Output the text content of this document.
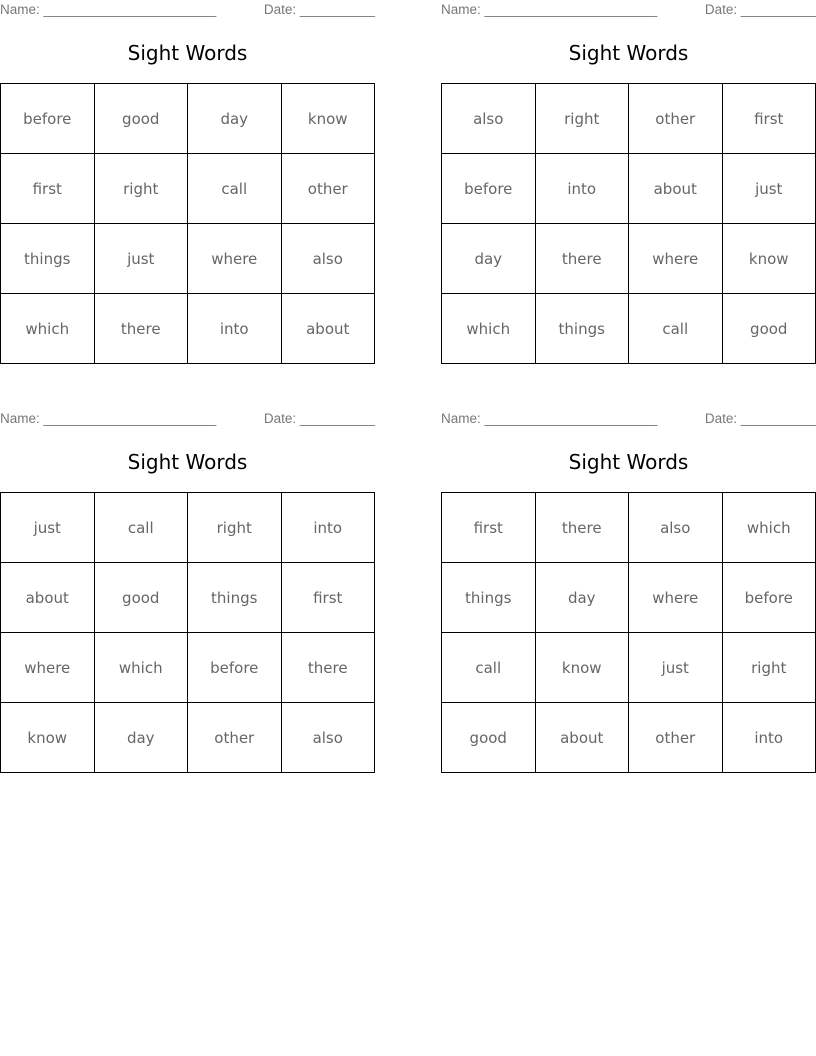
Name: _______________________	Date: __________
Sight Words
before	good	day	know
first	right	call	other
things	just	where	also
which	there	into	about
Name: _______________________	Date: __________
Sight Words
also	right	other	first
before	into	about	just
day	there	where	know
which	things	call	good
Name: _______________________	Date: __________
Sight Words
just	call	right	into
about	good	things	first
where	which	before	there
know	day	other	also
Name: _______________________	Date: __________
Sight Words
first	there	also	which
things	day	where	before
call	know	just	right
good	about	other	into
